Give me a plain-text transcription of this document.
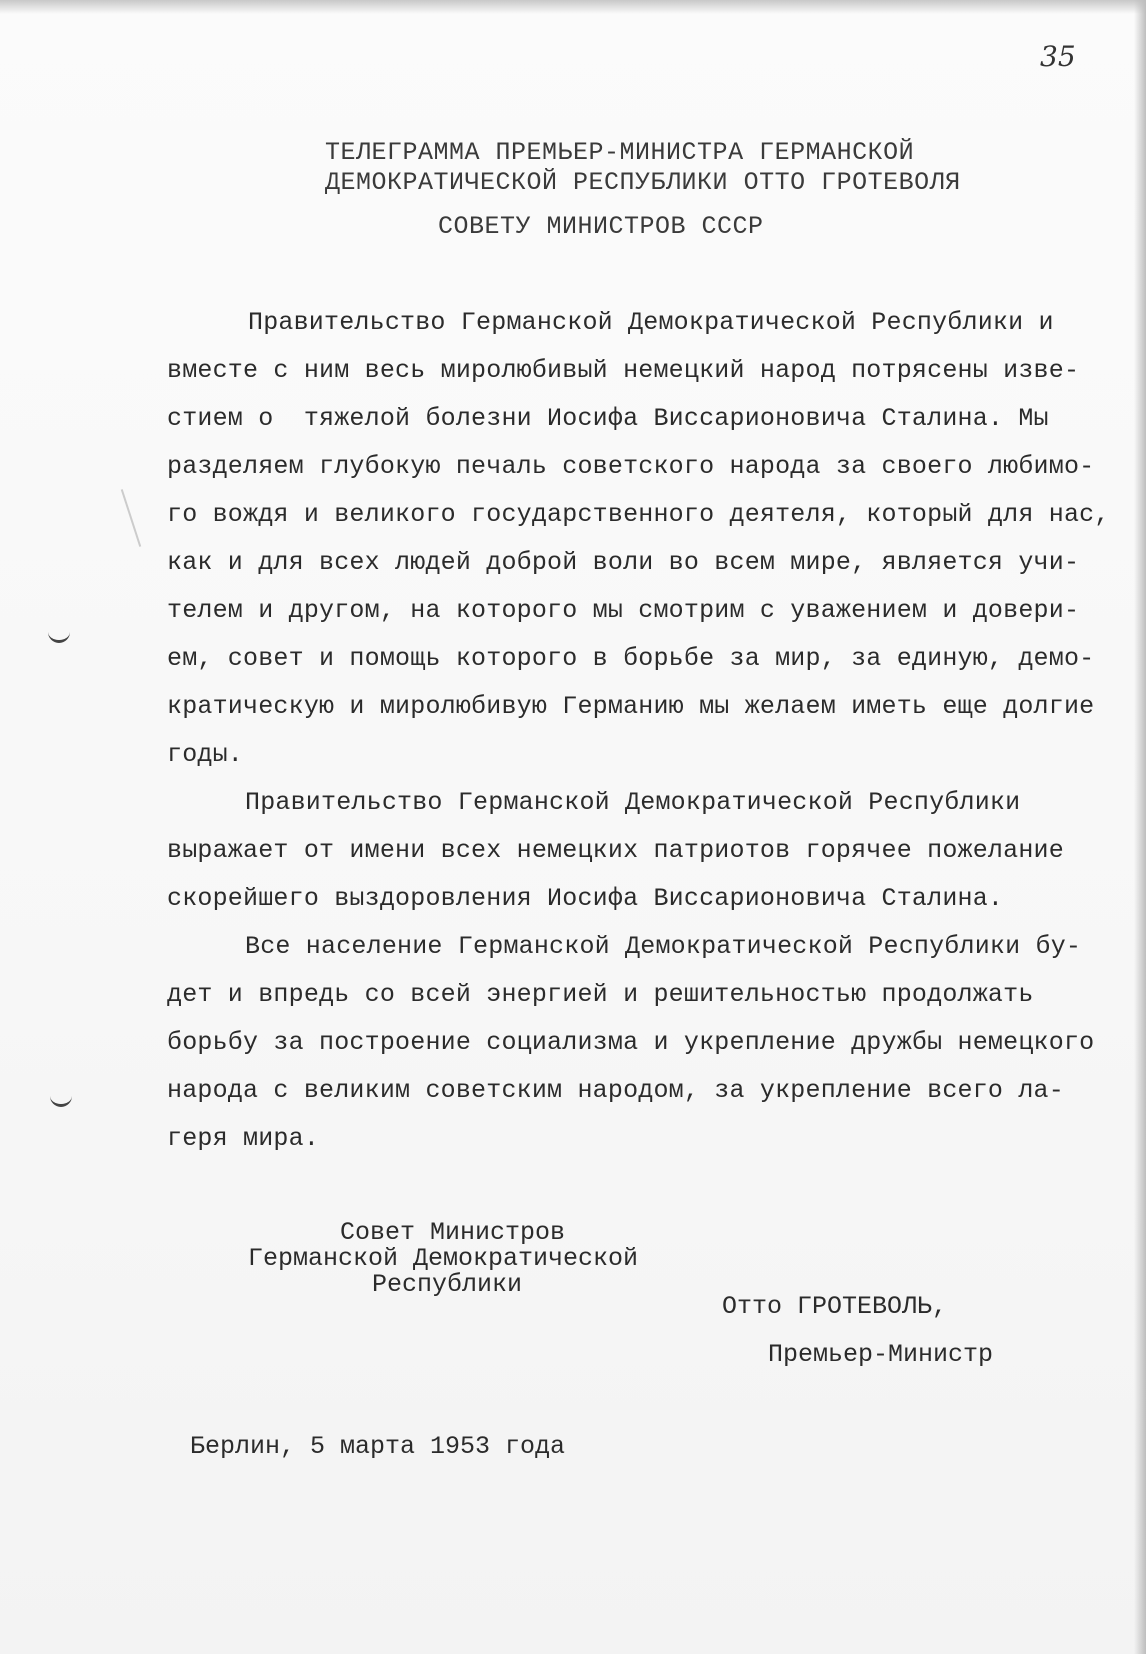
35
ТЕЛЕГРАММА ПРЕМЬЕР-МИНИСТРА ГЕРМАНСКОЙ
ДЕМОКРАТИЧЕСКОЙ РЕСПУБЛИКИ ОТТО ГРОТЕВОЛЯ
СОВЕТУ МИНИСТРОВ СССР
Правительство Германской Демократической Республики и
вместе с ним весь миролюбивый немецкий народ потрясены изве-
стием о  тяжелой болезни Иосифа Виссарионовича Сталина. Мы
разделяем глубокую печаль советского народа за своего любимо-
го вождя и великого государственного деятеля, который для нас,
как и для всех людей доброй воли во всем мире, является учи-
телем и другом, на которого мы смотрим с уважением и довери-
ем, совет и помощь которого в борьбе за мир, за единую, демо-
кратическую и миролюбивую Германию мы желаем иметь еще долгие
годы.
Правительство Германской Демократической Республики
выражает от имени всех немецких патриотов горячее пожелание
скорейшего выздоровления Иосифа Виссарионовича Сталина.
Все население Германской Демократической Республики бу-
дет и впредь со всей энергией и решительностью продолжать
борьбу за построение социализма и укрепление дружбы немецкого
народа с великим советским народом, за укрепление всего ла-
геря мира.
Совет Министров
Германской Демократической
Республики
Отто ГРОТЕВОЛЬ,
Премьер-Министр
Берлин, 5 марта 1953 года
